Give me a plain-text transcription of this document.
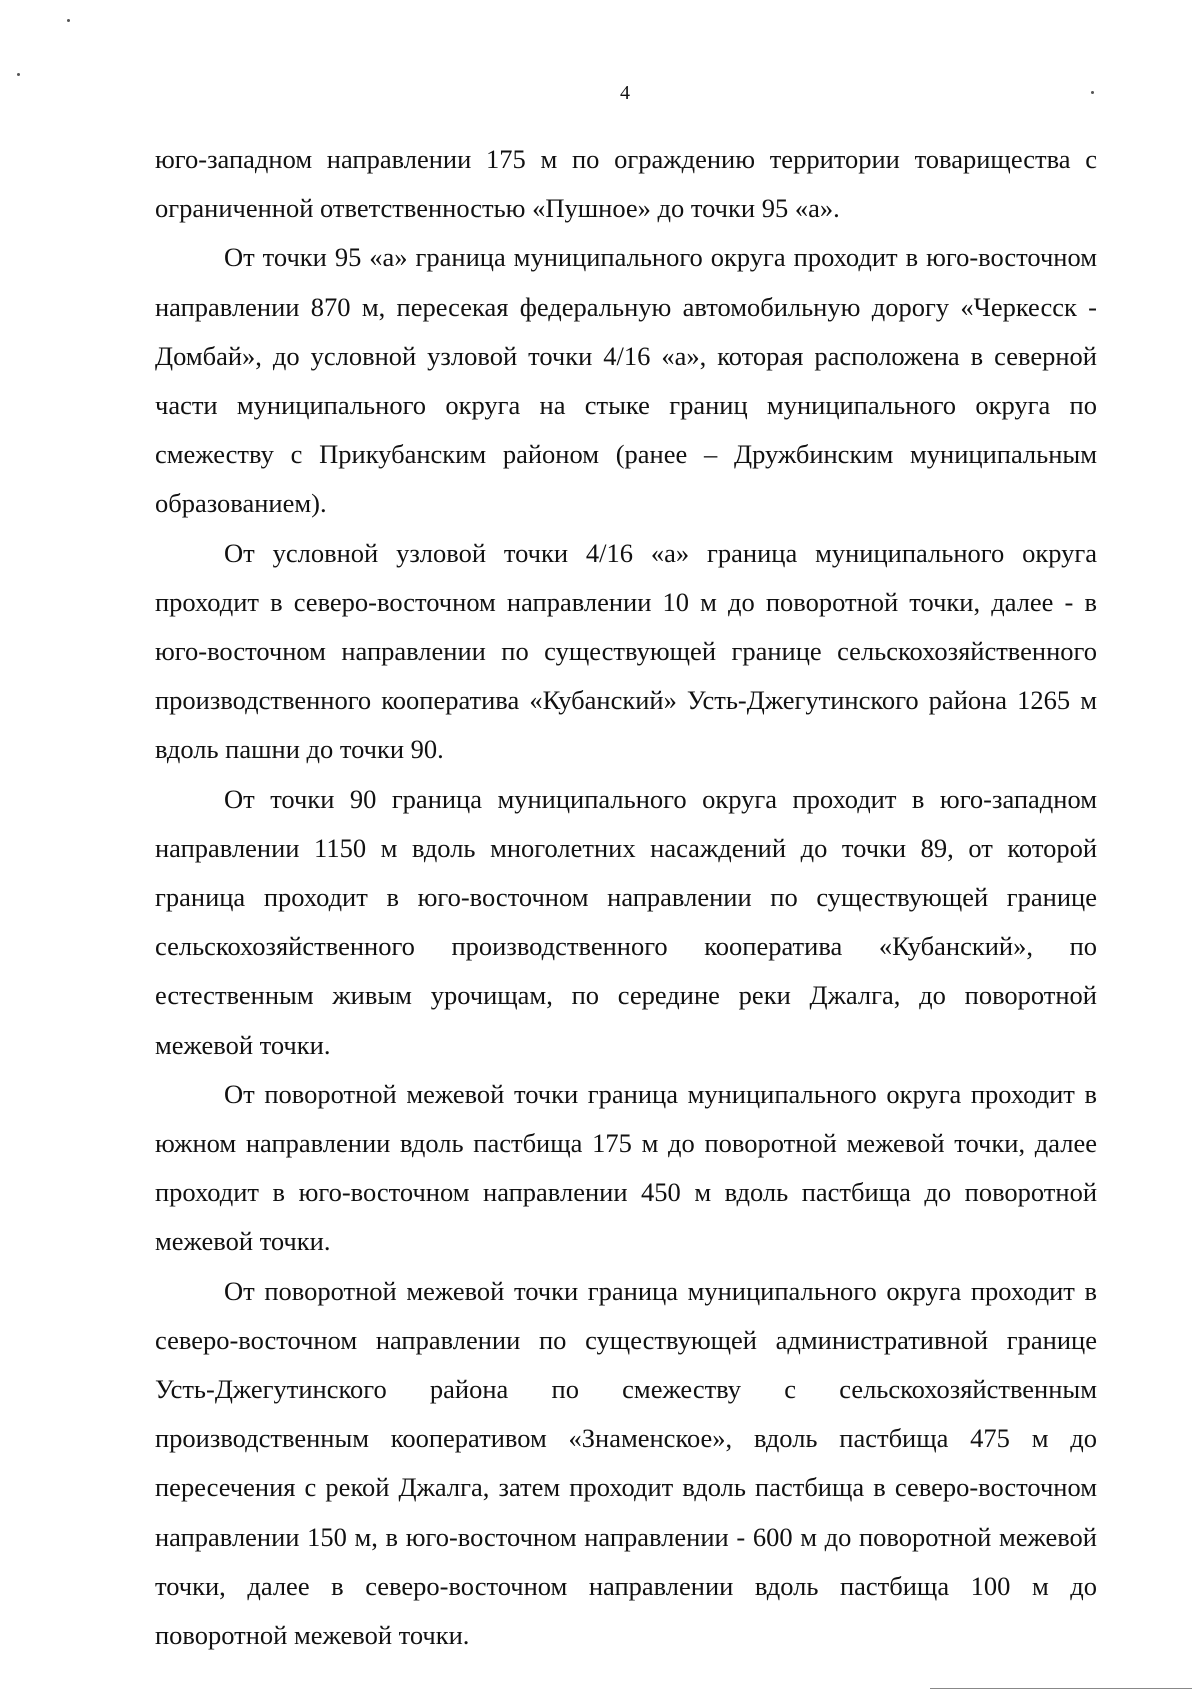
4

юго-западном направлении 175 м по ограждению территории товарищества с ограниченной ответственностью «Пушное» до точки 95 «а».

От точки 95 «а» граница муниципального округа проходит в юго-восточном направлении 870 м, пересекая федеральную автомобильную дорогу «Черкесск - Домбай», до условной узловой точки 4/16 «а», которая расположена в северной части муниципального округа на стыке границ муниципального округа по смежеству с Прикубанским районом (ранее – Дружбинским муниципальным образованием).

От условной узловой точки 4/16 «а» граница муниципального округа проходит в северо-восточном направлении 10 м до поворотной точки, далее - в юго-восточном направлении по существующей границе сельскохозяйственного производственного кооператива «Кубанский» Усть-Джегутинского района 1265 м вдоль пашни до точки 90.

От точки 90 граница муниципального округа проходит в юго-западном направлении 1150 м вдоль многолетних насаждений до точки 89, от которой граница проходит в юго-восточном направлении по существующей границе сельскохозяйственного производственного кооператива «Кубанский», по естественным живым урочищам, по середине реки Джалга, до поворотной межевой точки.

От поворотной межевой точки граница муниципального округа проходит в южном направлении вдоль пастбища 175 м до поворотной межевой точки, далее проходит в юго-восточном направлении 450 м вдоль пастбища до поворотной межевой точки.

От поворотной межевой точки граница муниципального округа проходит в северо-восточном направлении по существующей административной границе Усть-Джегутинского района по смежеству с сельскохозяйственным производственным кооперативом «Знаменское», вдоль пастбища 475 м до пересечения с рекой Джалга, затем проходит вдоль пастбища в северо-восточном направлении 150 м, в юго-восточном направлении - 600 м до поворотной межевой точки, далее в северо-восточном направлении вдоль пастбища 100 м до поворотной межевой точки.
